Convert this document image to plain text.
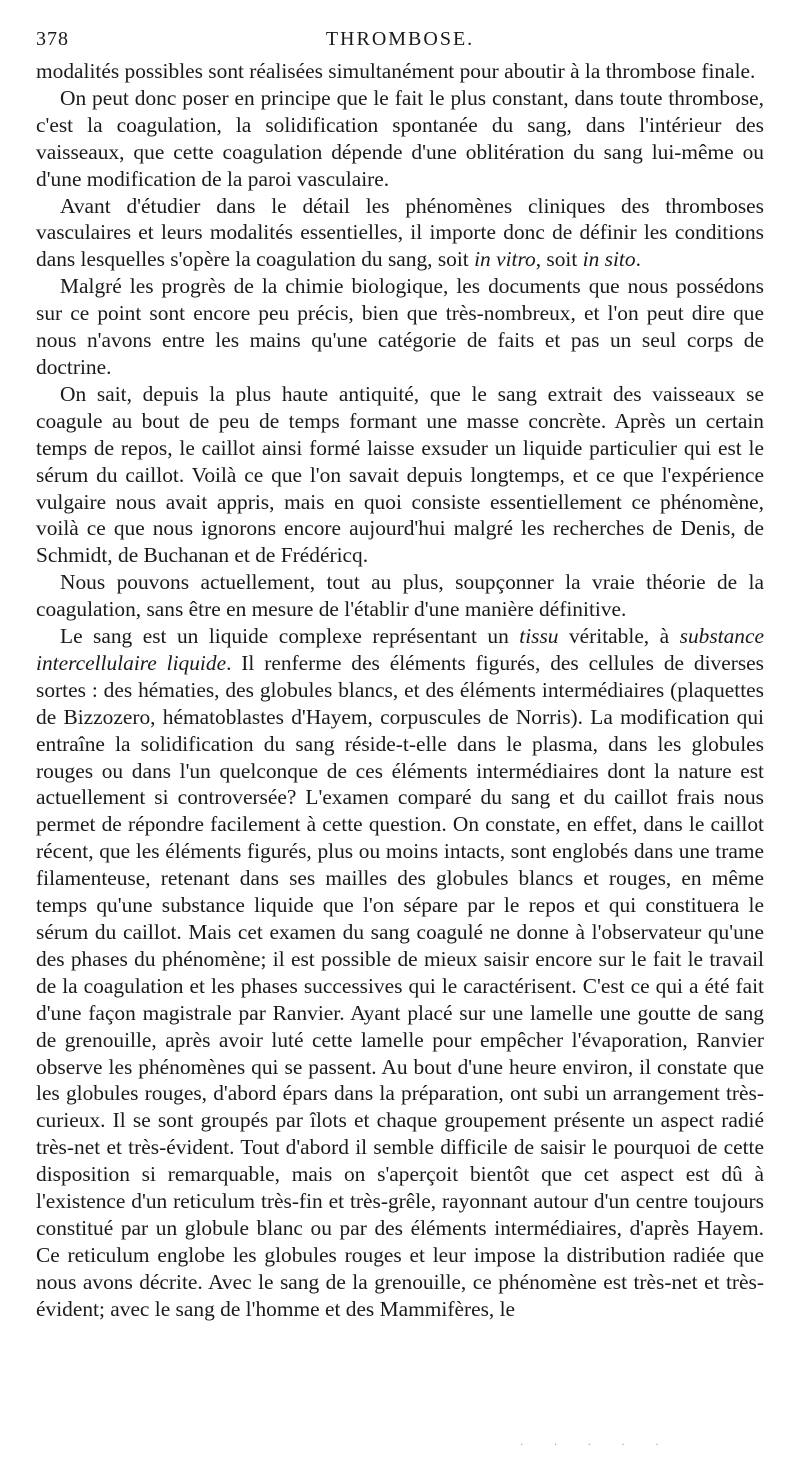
378	THROMBOSE.

modalités possibles sont réalisées simultanément pour aboutir à la thrombose finale.

On peut donc poser en principe que le fait le plus constant, dans toute thrombose, c'est la coagulation, la solidification spontanée du sang, dans l'intérieur des vaisseaux, que cette coagulation dépende d'une oblitération du sang lui-même ou d'une modification de la paroi vasculaire.

Avant d'étudier dans le détail les phénomènes cliniques des thromboses vasculaires et leurs modalités essentielles, il importe donc de définir les conditions dans lesquelles s'opère la coagulation du sang, soit in vitro, soit in sito.

Malgré les progrès de la chimie biologique, les documents que nous possédons sur ce point sont encore peu précis, bien que très-nombreux, et l'on peut dire que nous n'avons entre les mains qu'une catégorie de faits et pas un seul corps de doctrine.

On sait, depuis la plus haute antiquité, que le sang extrait des vaisseaux se coagule au bout de peu de temps formant une masse concrète. Après un certain temps de repos, le caillot ainsi formé laisse exsuder un liquide particulier qui est le sérum du caillot. Voilà ce que l'on savait depuis longtemps, et ce que l'expérience vulgaire nous avait appris, mais en quoi consiste essentiellement ce phénomène, voilà ce que nous ignorons encore aujourd'hui malgré les recherches de Denis, de Schmidt, de Buchanan et de Frédéricq.

Nous pouvons actuellement, tout au plus, soupçonner la vraie théorie de la coagulation, sans être en mesure de l'établir d'une manière définitive.

Le sang est un liquide complexe représentant un tissu véritable, à substance intercellulaire liquide. Il renferme des éléments figurés, des cellules de diverses sortes : des hématies, des globules blancs, et des éléments intermédiaires (plaquettes de Bizzozero, hématoblastes d'Hayem, corpuscules de Norris). La modification qui entraîne la solidification du sang réside-t-elle dans le plasma, dans les globules rouges ou dans l'un quelconque de ces éléments intermédiaires dont la nature est actuellement si controversée? L'examen comparé du sang et du caillot frais nous permet de répondre facilement à cette question. On constate, en effet, dans le caillot récent, que les éléments figurés, plus ou moins intacts, sont englobés dans une trame filamenteuse, retenant dans ses mailles des globules blancs et rouges, en même temps qu'une substance liquide que l'on sépare par le repos et qui constituera le sérum du caillot. Mais cet examen du sang coagulé ne donne à l'observateur qu'une des phases du phénomène; il est possible de mieux saisir encore sur le fait le travail de la coagulation et les phases successives qui le caractérisent. C'est ce qui a été fait d'une façon magistrale par Ranvier. Ayant placé sur une lamelle une goutte de sang de grenouille, après avoir luté cette lamelle pour empêcher l'évaporation, Ranvier observe les phénomènes qui se passent. Au bout d'une heure environ, il constate que les globules rouges, d'abord épars dans la préparation, ont subi un arrangement très-curieux. Il se sont groupés par îlots et chaque groupement présente un aspect radié très-net et très-évident. Tout d'abord il semble difficile de saisir le pourquoi de cette disposition si remarquable, mais on s'aperçoit bientôt que cet aspect est dû à l'existence d'un reticulum très-fin et très-grêle, rayonnant autour d'un centre toujours constitué par un globule blanc ou par des éléments intermédiaires, d'après Hayem. Ce reticulum englobe les globules rouges et leur impose la distribution radiée que nous avons décrite. Avec le sang de la grenouille, ce phénomène est très-net et très-évident; avec le sang de l'homme et des Mammifères, le

· · · · ·
